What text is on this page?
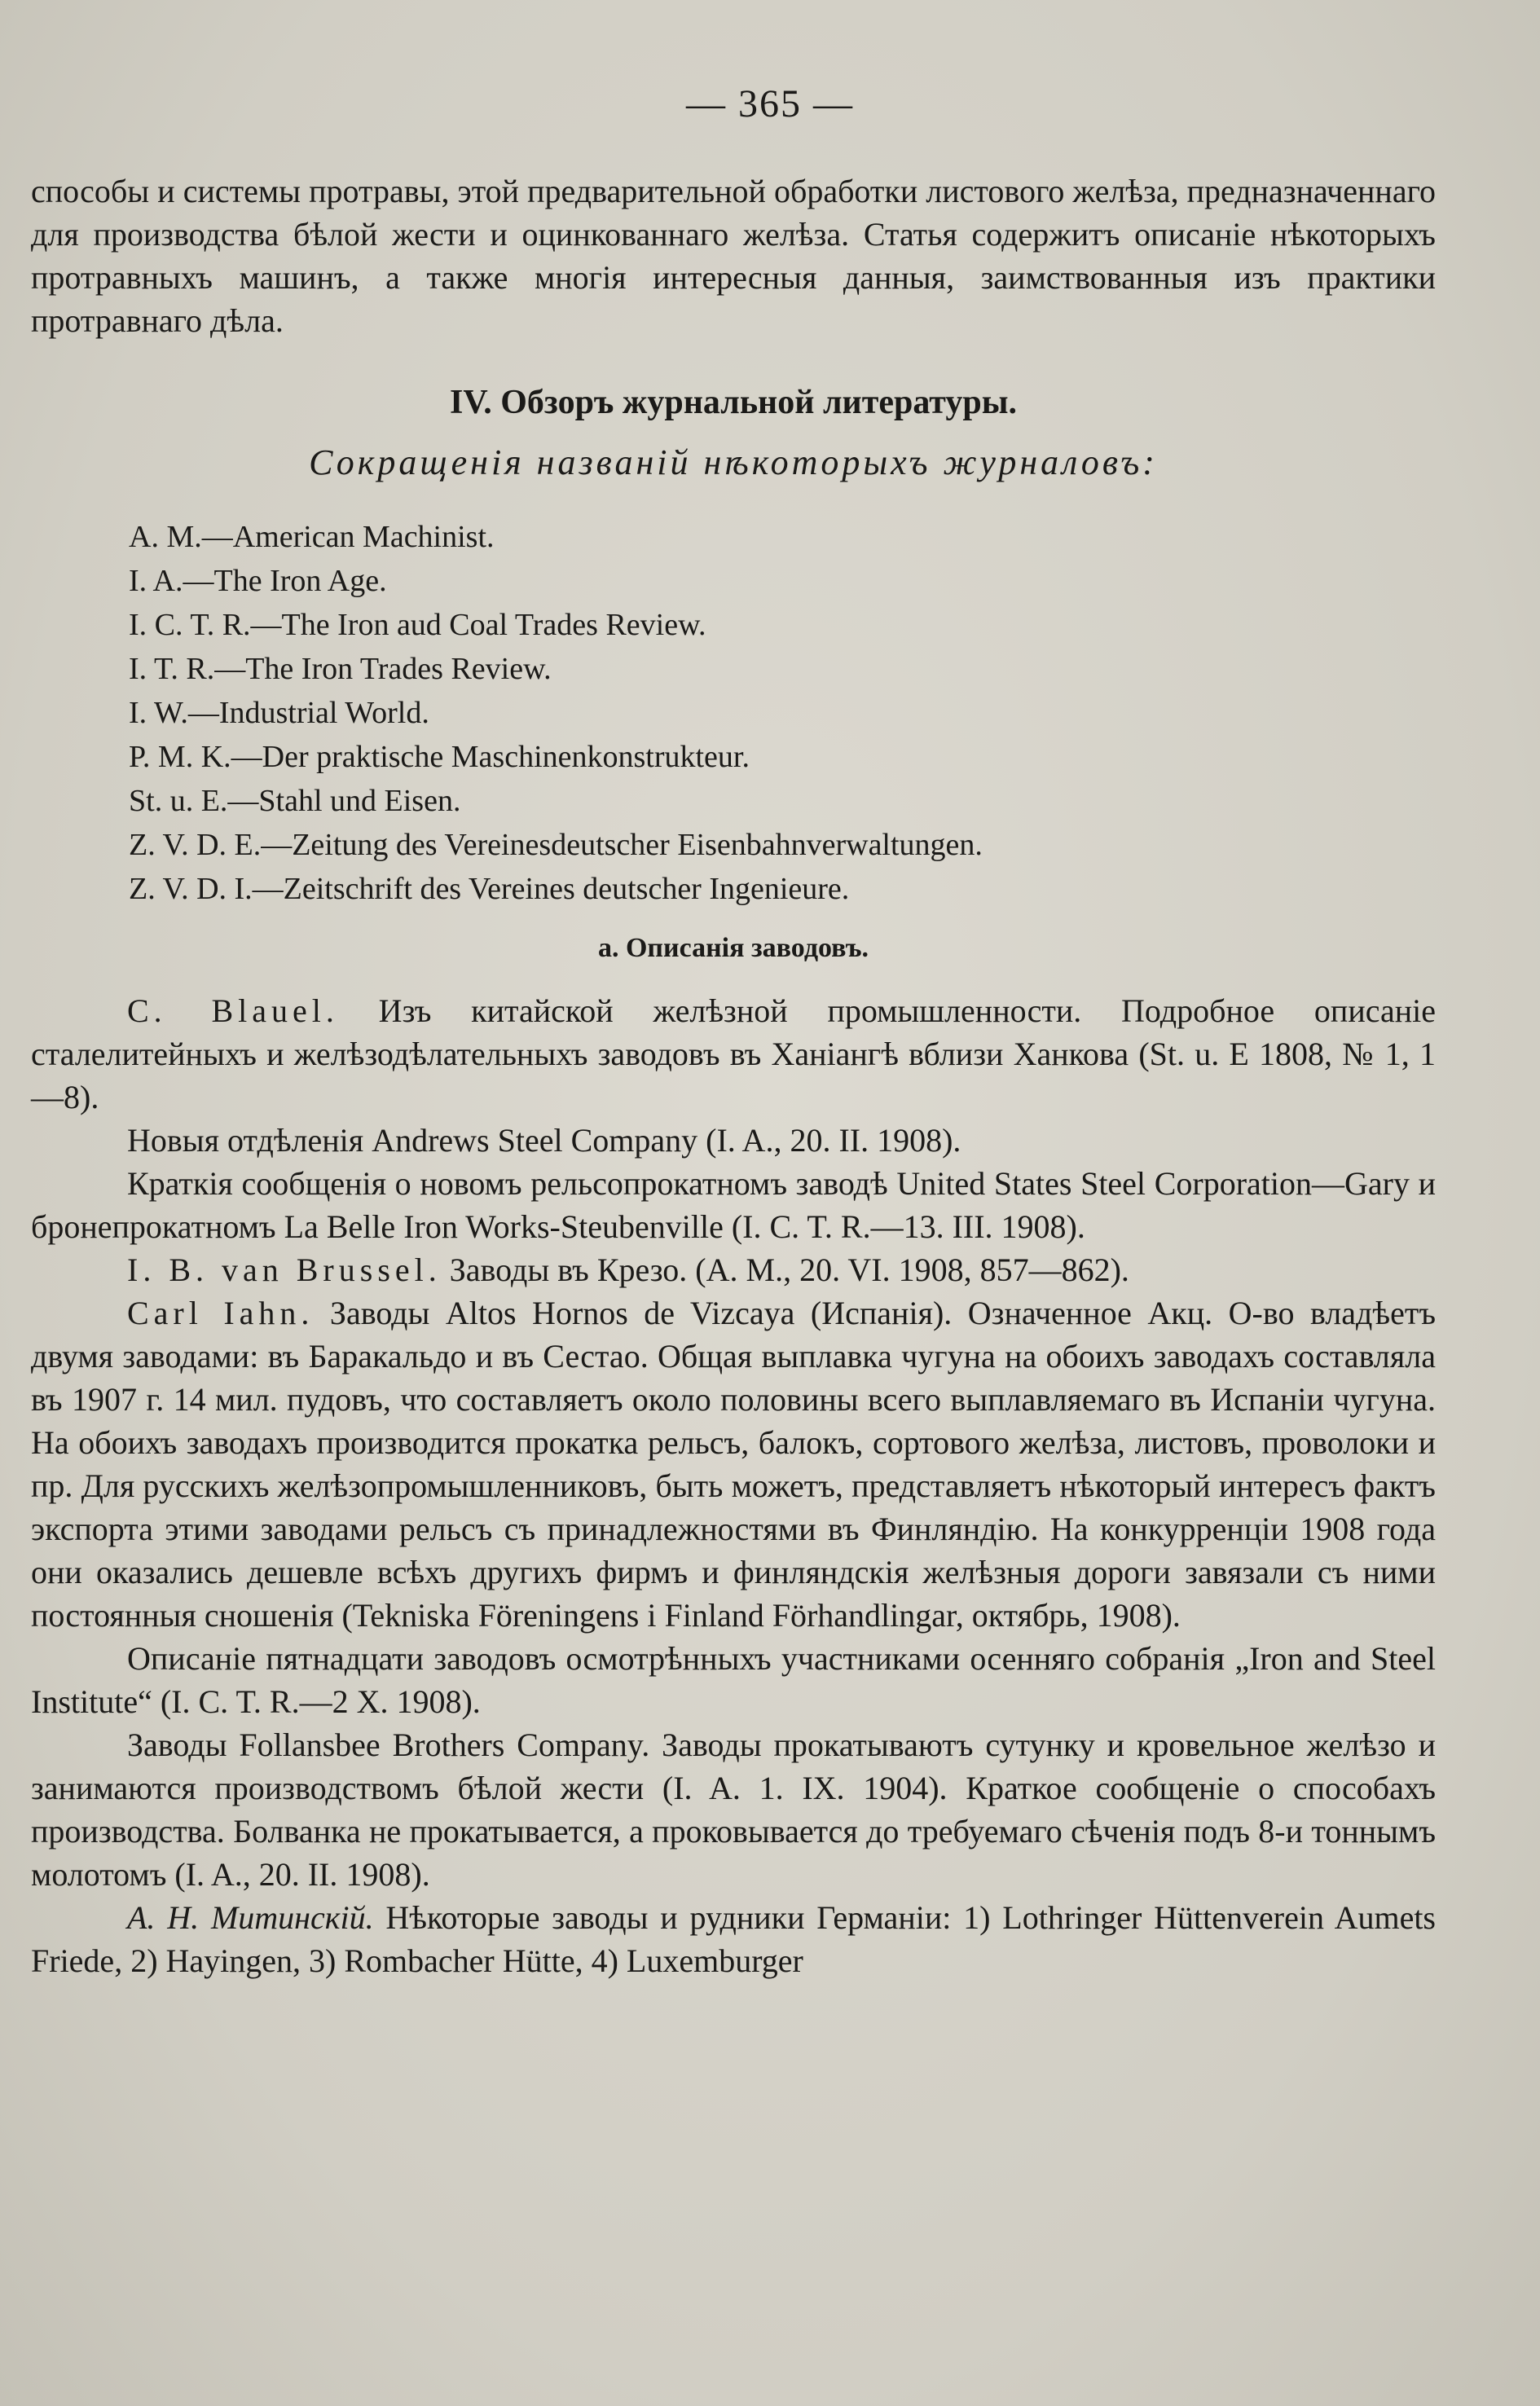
— 365 —

способы и системы протравы, этой предварительной обработки листового желѣза, предназначеннаго для производства бѣлой жести и оцинкованнаго желѣза. Статья содержитъ описаніе нѣкоторыхъ протравныхъ машинъ, а также многія интересныя данныя, заимствованныя изъ практики протравнаго дѣла.

IV. Обзоръ журнальной литературы.
Сокращенія названій нѣкоторыхъ журналовъ:
A. M.—American Machinist.
I. A.—The Iron Age.
I. C. T. R.—The Iron aud Coal Trades Review.
I. T. R.—The Iron Trades Review.
I. W.—Industrial World.
P. M. K.—Der praktische Maschinenkonstrukteur.
St. u. E.—Stahl und Eisen.
Z. V. D. E.—Zeitung des Vereinesdeutscher Eisenbahnverwaltungen.
Z. V. D. I.—Zeitschrift des Vereines deutscher Ingenieure.
a. Описанія заводовъ.

C. Blauel. Изъ китайской желѣзной промышленности. Подробное описаніе сталелитейныхъ и желѣзодѣлательныхъ заводовъ въ Ханіангѣ вблизи Ханкова (St. u. E 1808, № 1, 1—8).

Новыя отдѣленія Andrews Steel Company (I. A., 20. II. 1908).

Краткія сообщенія о новомъ рельсопрокатномъ заводѣ United States Steel Corporation—Gary и бронепрокатномъ La Belle Iron Works-Steubenville (I. C. T. R.—13. III. 1908).

I. B. van Brussel. Заводы въ Крезо. (A. M., 20. VI. 1908, 857—862).

Carl Iahn. Заводы Altos Hornos de Vizcaya (Испанія). Означенное Акц. О-во владѣетъ двумя заводами: въ Баракальдо и въ Сестао. Общая выплавка чугуна на обоихъ заводахъ составляла въ 1907 г. 14 мил. пудовъ, что составляетъ около половины всего выплавляемаго въ Испаніи чугуна. На обоихъ заводахъ производится прокатка рельсъ, балокъ, сортового желѣза, листовъ, проволоки и пр. Для русскихъ желѣзопромышленниковъ, быть можетъ, представляетъ нѣкоторый интересъ фактъ экспорта этими заводами рельсъ съ принадлежностями въ Финляндію. На конкурренціи 1908 года они оказались дешевле всѣхъ другихъ фирмъ и финляндскія желѣзныя дороги завязали съ ними постоянныя сношенія (Tekniska Föreningens i Finland Förhandlingar, октябрь, 1908).

Описаніе пятнадцати заводовъ осмотрѣнныхъ участниками осенняго собранія „Iron and Steel Institute“ (I. C. T. R.—2 X. 1908).

Заводы Follansbee Brothers Company. Заводы прокатываютъ сутунку и кровельное желѣзо и занимаются производствомъ бѣлой жести (I. A. 1. IX. 1904). Краткое сообщеніе о способахъ производства. Болванка не прокатывается, а проковывается до требуемаго сѣченія подъ 8-и тоннымъ молотомъ (I. A., 20. II. 1908).

А. Н. Митинскій. Нѣкоторые заводы и рудники Германіи: 1) Lothringer Hüttenverein Aumets Friede, 2) Hayingen, 3) Rombacher Hütte, 4) Luxemburger
